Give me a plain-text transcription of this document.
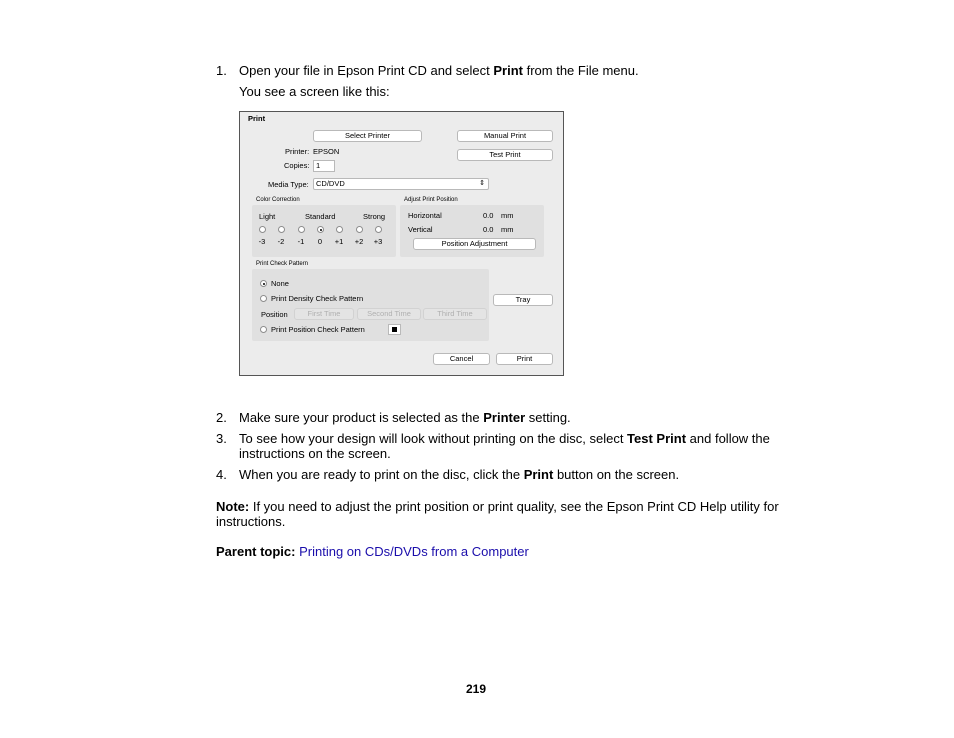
1. Open your file in Epson Print CD and select Print from the File menu.
You see a screen like this:
Print
Select Printer	Manual Print
Printer: EPSON	Test Print
Copies: 1
Media Type: CD/DVD	⇕
Color Correction
Light	Standard	Strong
-3	-2	-1	0	+1 +2 +3
Adjust Print Position
Horizontal	0.0 mm
Vertical	0.0 mm
Position Adjustment
Print Check Pattern
None
Print Density Check Pattern
Position	First Time	Second Time	Third Time
Print Position Check Pattern
Tray
Cancel	Print
2. Make sure your product is selected as the Printer setting.
3. To see how your design will look without printing on the disc, select Test Print and follow the
instructions on the screen.
4. When you are ready to print on the disc, click the Print button on the screen.
Note: If you need to adjust the print position or print quality, see the Epson Print CD Help utility for
instructions.
Parent topic: Printing on CDs/DVDs from a Computer
219
